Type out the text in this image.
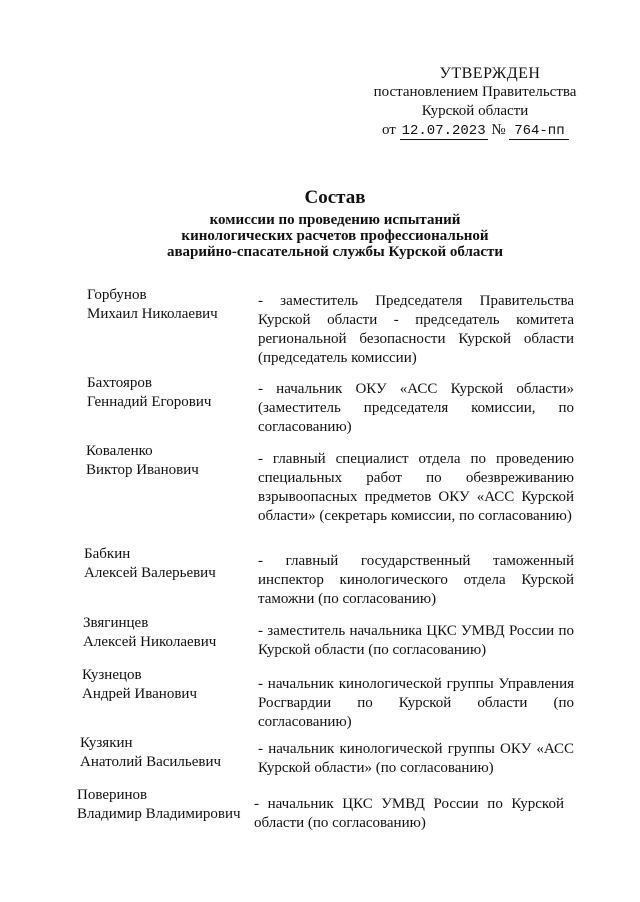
УТВЕРЖДЕН
постановлением Правительства
Курской области
от 12.07.2023 № 764-пп
Состав
комиссии по проведению испытаний
кинологических расчетов профессиональной
аварийно-спасательной службы Курской области
Горбунов
Михаил Николаевич
- заместитель Председателя Правительства Курской области - председатель комитета региональной безопасности Курской области (председатель комиссии)
Бахтояров
Геннадий Егорович
- начальник ОКУ «АСС Курской области» (заместитель председателя комиссии, по согласованию)
Коваленко
Виктор Иванович
- главный специалист отдела по проведению специальных работ по обезвреживанию взрывоопасных предметов ОКУ «АСС Курской области» (секретарь комиссии, по согласованию)
Бабкин
Алексей Валерьевич
- главный государственный таможенный инспектор кинологического отдела Курской таможни (по согласованию)
Звягинцев
Алексей Николаевич
- заместитель начальника ЦКС УМВД России по Курской области (по согласованию)
Кузнецов
Андрей Иванович
- начальник кинологической группы Управления Росгвардии по Курской области (по согласованию)
Кузякин
Анатолий Васильевич
- начальник кинологической группы ОКУ «АСС Курской области» (по согласованию)
Поверинов
Владимир Владимирович
- начальник ЦКС УМВД России по Курской области (по согласованию)
